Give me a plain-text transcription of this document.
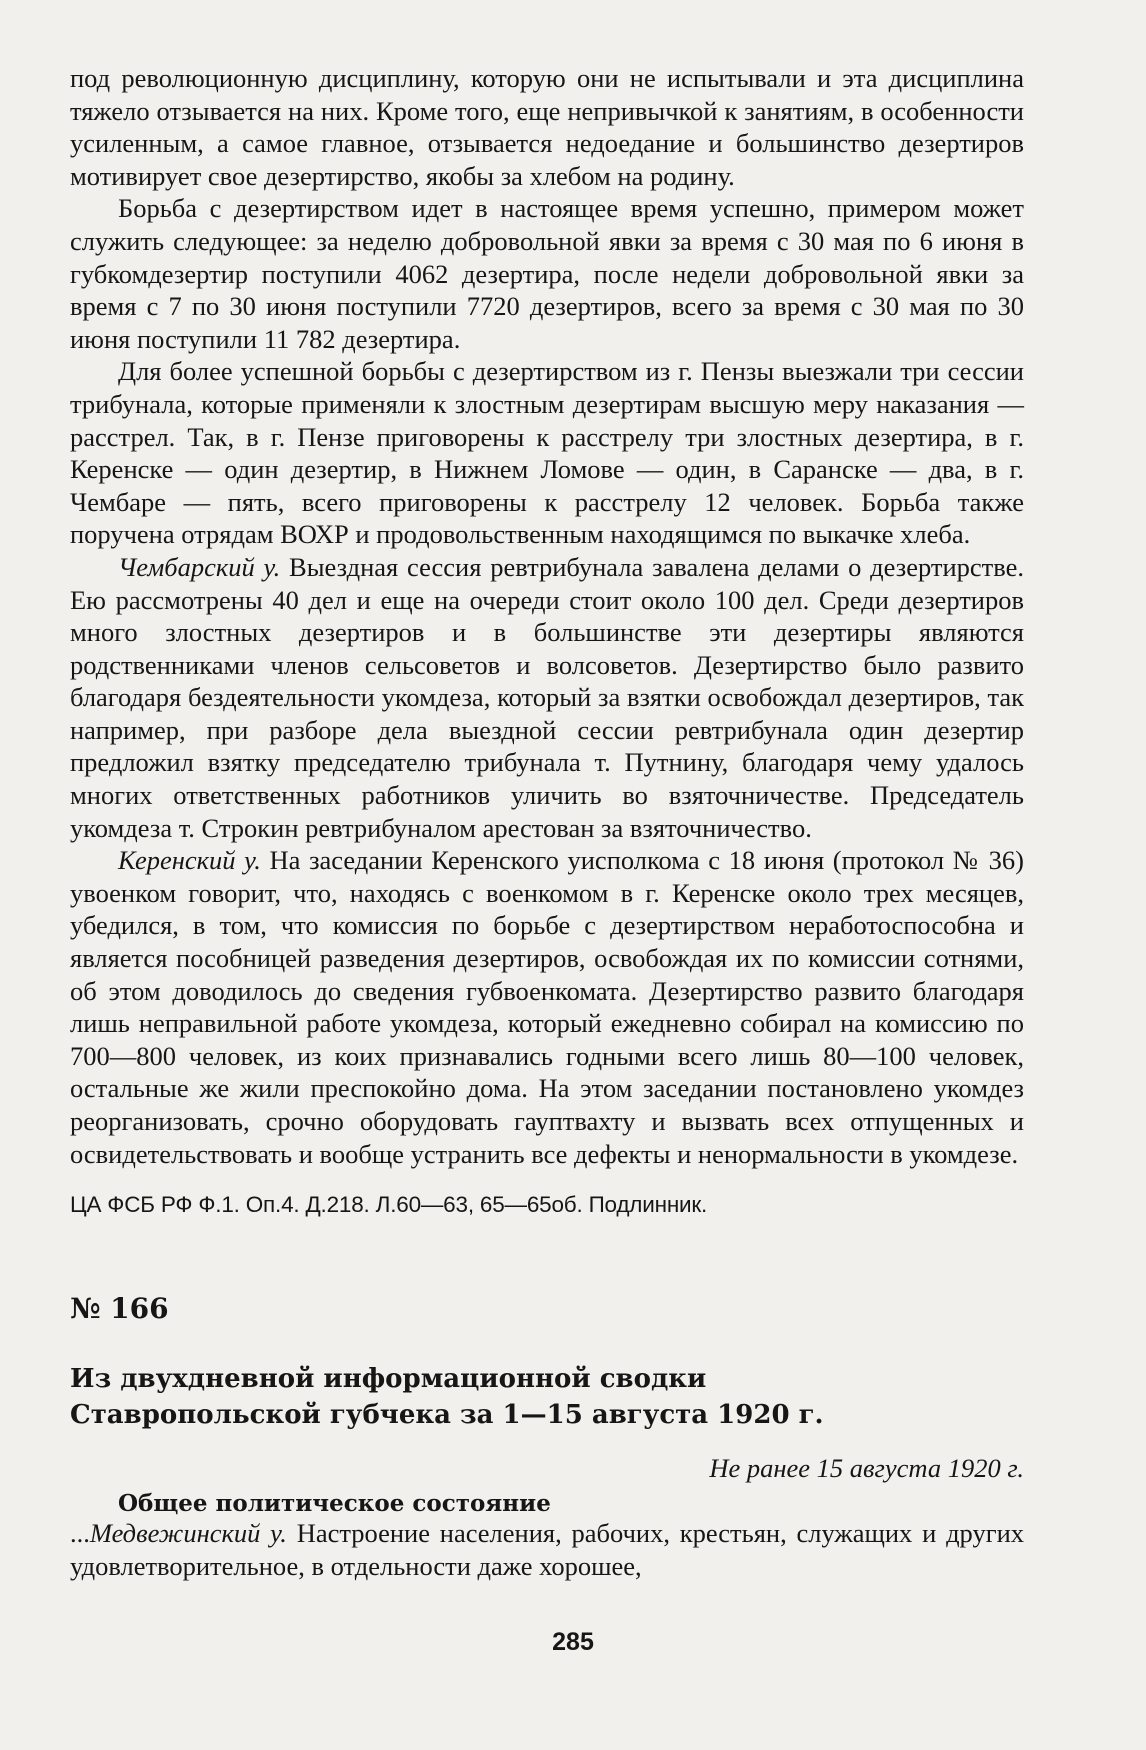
под революционную дисциплину, которую они не испытывали и эта дисциплина тяжело отзывается на них. Кроме того, еще непривычкой к занятиям, в особенности усиленным, а самое главное, отзывается недоедание и большинство дезертиров мотивирует свое дезертирство, якобы за хлебом на родину.

Борьба с дезертирством идет в настоящее время успешно, примером может служить следующее: за неделю добровольной явки за время с 30 мая по 6 июня в губкомдезертир поступили 4062 дезертира, после недели добровольной явки за время с 7 по 30 июня поступили 7720 дезертиров, всего за время с 30 мая по 30 июня поступили 11 782 дезертира.

Для более успешной борьбы с дезертирством из г. Пензы выезжали три сессии трибунала, которые применяли к злостным дезертирам высшую меру наказания — расстрел. Так, в г. Пензе приговорены к расстрелу три злостных дезертира, в г. Керенске — один дезертир, в Нижнем Ломове — один, в Саранске — два, в г. Чембаре — пять, всего приговорены к расстрелу 12 человек. Борьба также поручена отрядам ВОХР и продовольственным находящимся по выкачке хлеба.

Чембарский у. Выездная сессия ревтрибунала завалена делами о дезертирстве. Ею рассмотрены 40 дел и еще на очереди стоит около 100 дел. Среди дезертиров много злостных дезертиров и в большинстве эти дезертиры являются родственниками членов сельсоветов и волсоветов. Дезертирство было развито благодаря бездеятельности укомдеза, который за взятки освобождал дезертиров, так например, при разборе дела выездной сессии ревтрибунала один дезертир предложил взятку председателю трибунала т. Путнину, благодаря чему удалось многих ответственных работников уличить во взяточничестве. Председатель укомдеза т. Строкин ревтрибуналом арестован за взяточничество.

Керенский у. На заседании Керенского уисполкома с 18 июня (протокол № 36) увоенком говорит, что, находясь с военкомом в г. Керенске около трех месяцев, убедился, в том, что комиссия по борьбе с дезертирством неработоспособна и является пособницей разведения дезертиров, освобождая их по комиссии сотнями, об этом доводилось до сведения губвоенкомата. Дезертирство развито благодаря лишь неправильной работе укомдеза, который ежедневно собирал на комиссию по 700—800 человек, из коих признавались годными всего лишь 80—100 человек, остальные же жили преспокойно дома. На этом заседании постановлено укомдез реорганизовать, срочно оборудовать гауптвахту и вызвать всех отпущенных и освидетельствовать и вообще устранить все дефекты и ненормальности в укомдезе.

ЦА ФСБ РФ Ф.1. Оп.4. Д.218. Л.60—63, 65—65об. Подлинник.

№ 166

Из двухдневной информационной сводки
Ставропольской губчека за 1—15 августа 1920 г.

Не ранее 15 августа 1920 г.

Общее политическое состояние

...Медвежинский у. Настроение населения, рабочих, крестьян, служащих и других удовлетворительное, в отдельности даже хорошее,

285
